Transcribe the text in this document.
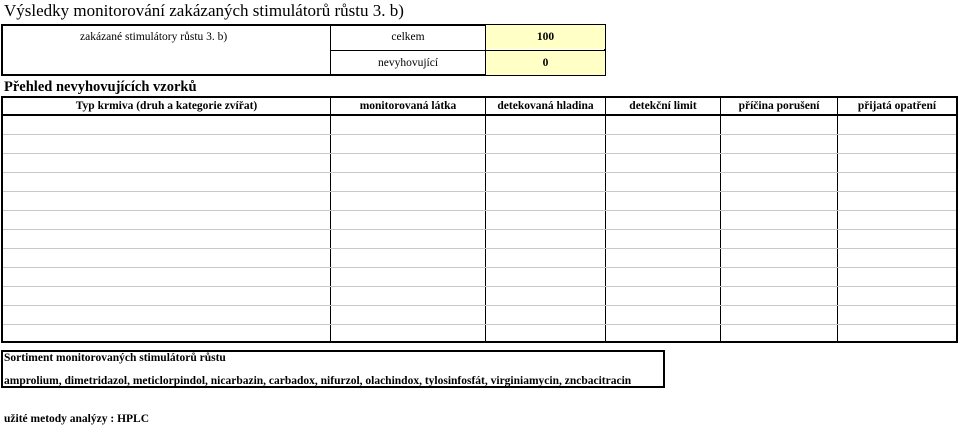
Výsledky monitorování zakázaných stimulátorů růstu 3. b)
zakázané stimulátory růstu 3. b)	celkem	100
nevyhovující	0
Přehled nevyhovujících vzorků
Typ krmiva (druh a kategorie zvířat)	monitorovaná látka	detekovaná hladina	detekční limit	příčina porušení	přijatá opatření
Sortiment monitorovaných stimulátorů růstu
amprolium, dimetridazol, meticlorpindol, nicarbazin, carbadox, nifurzol, olachindox, tylosinfosfát, virginiamycin, zncbacitracin
užité metody analýzy : HPLC
